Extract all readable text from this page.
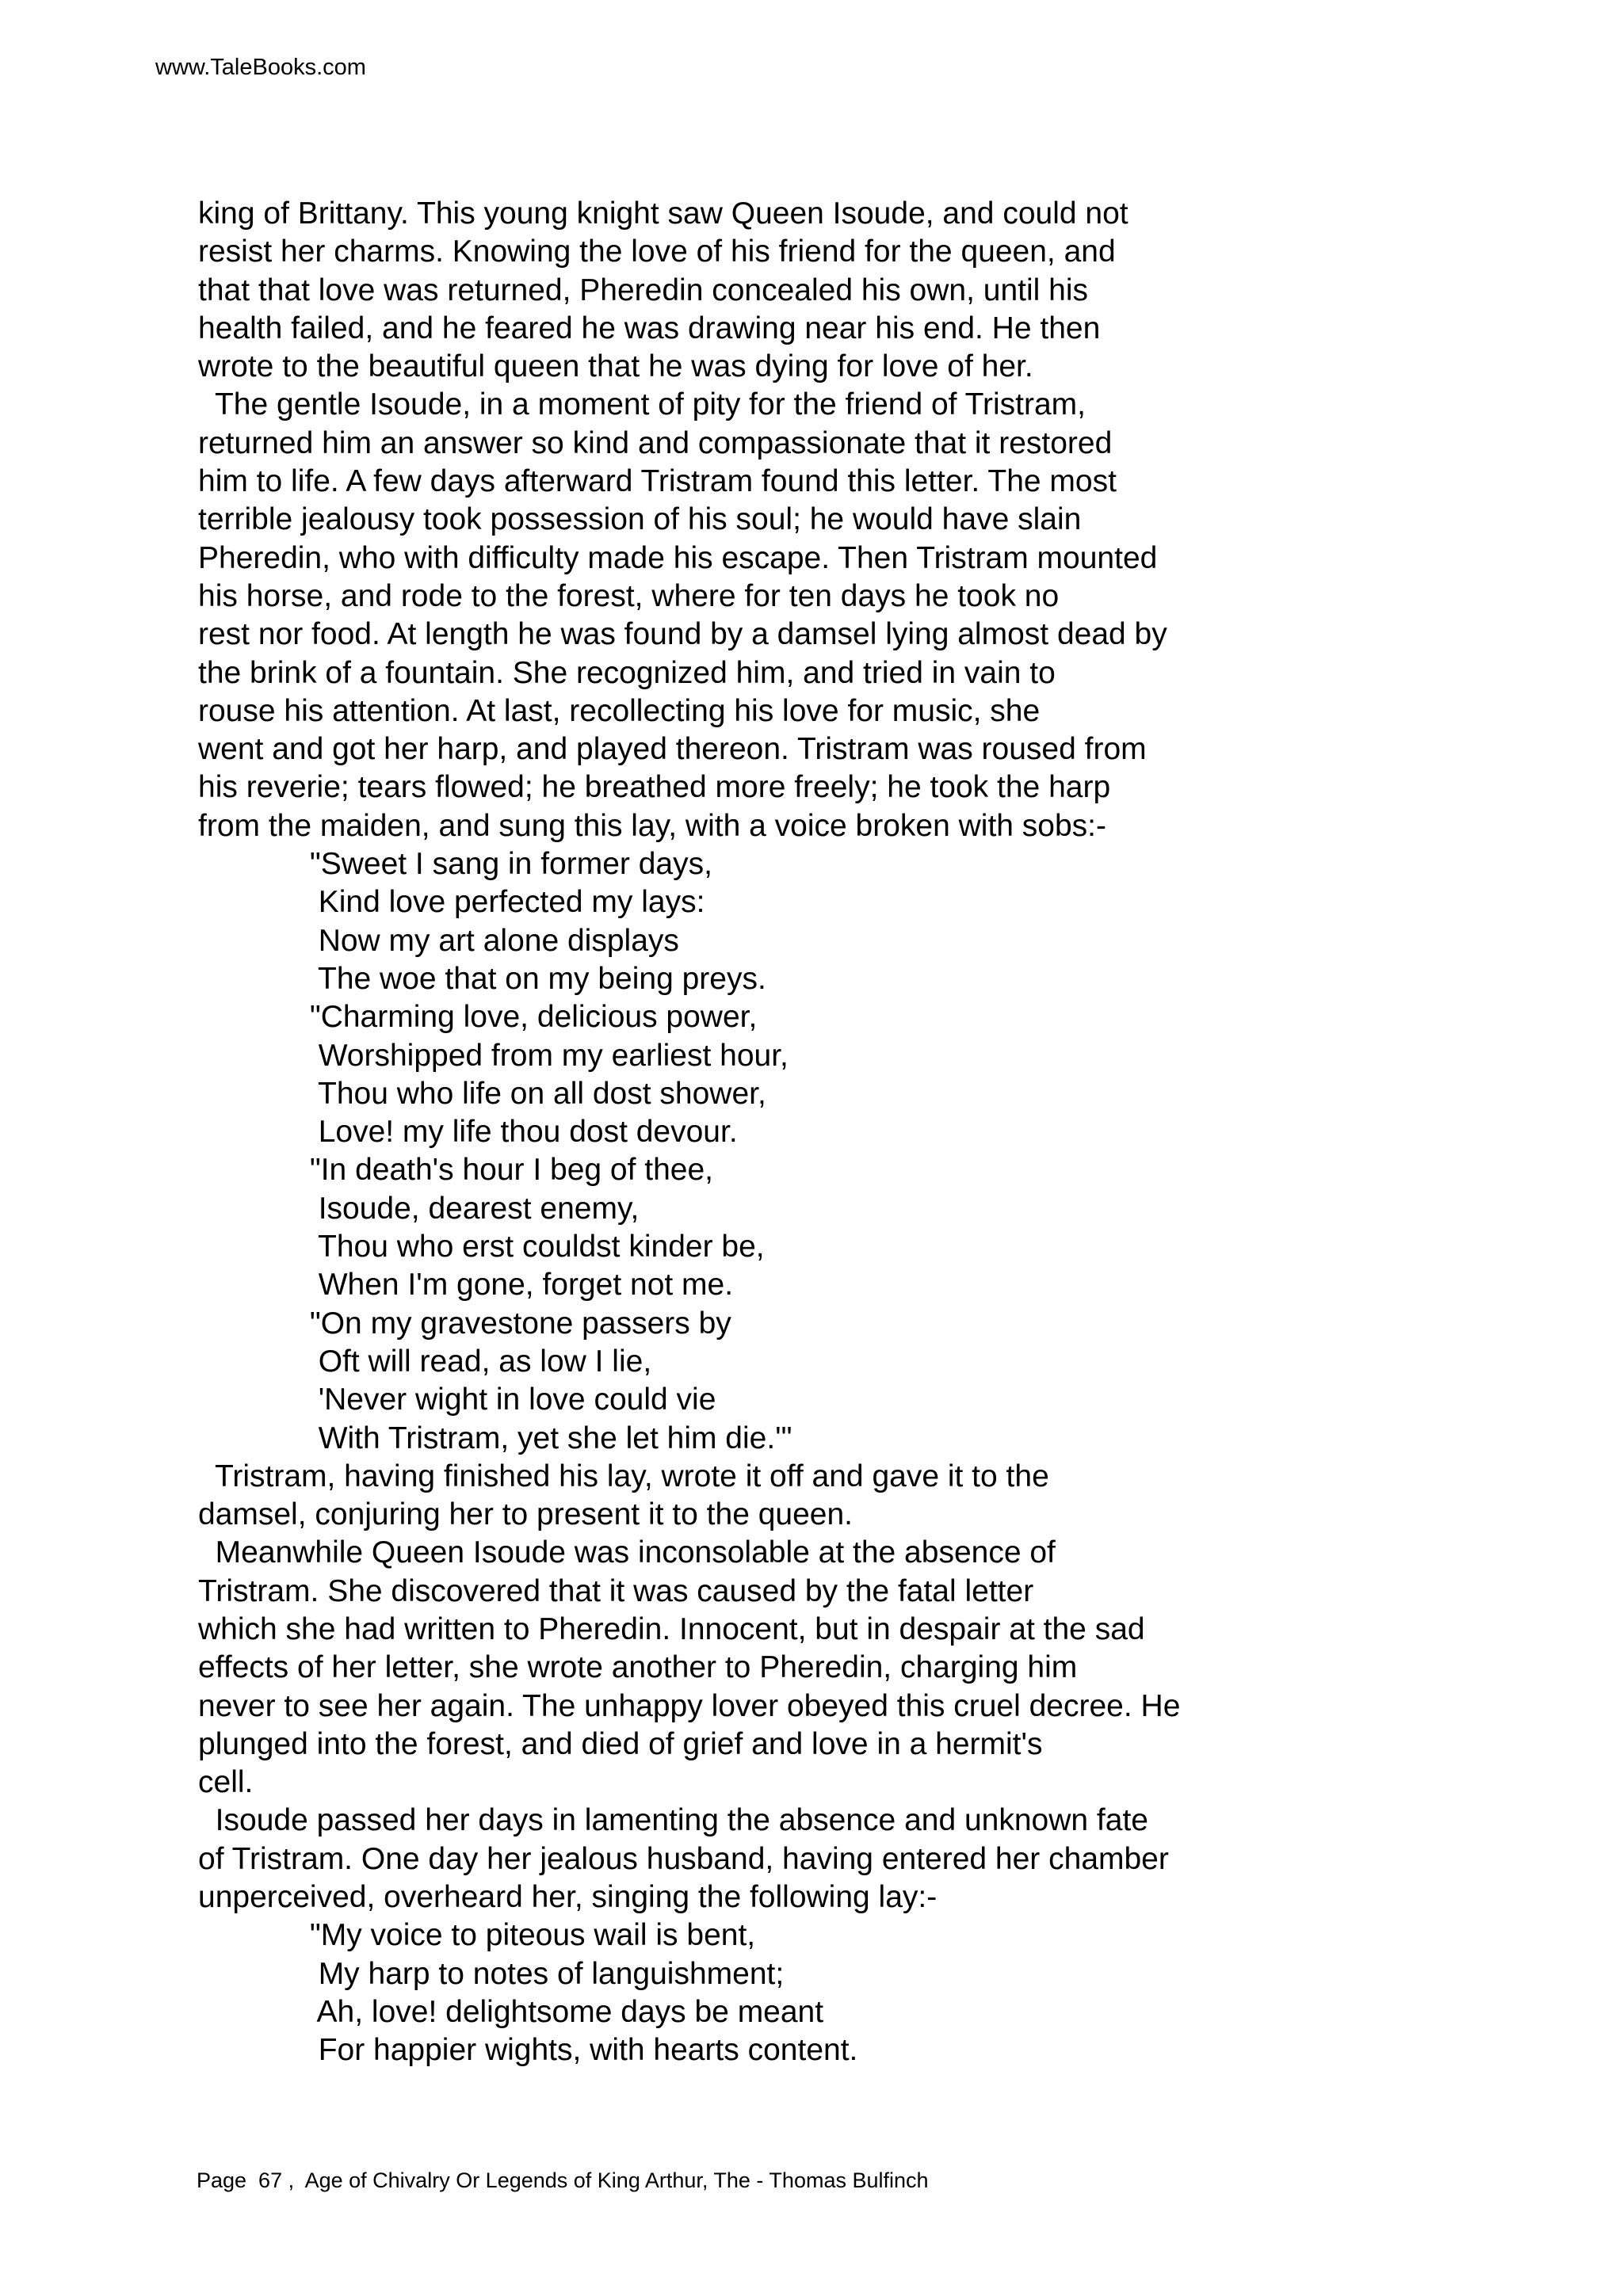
www.TaleBooks.com
king of Brittany. This young knight saw Queen Isoude, and could not
resist her charms. Knowing the love of his friend for the queen, and
that that love was returned, Pheredin concealed his own, until his
health failed, and he feared he was drawing near his end. He then
wrote to the beautiful queen that he was dying for love of her.
The gentle Isoude, in a moment of pity for the friend of Tristram,
returned him an answer so kind and compassionate that it restored
him to life. A few days afterward Tristram found this letter. The most
terrible jealousy took possession of his soul; he would have slain
Pheredin, who with difficulty made his escape. Then Tristram mounted
his horse, and rode to the forest, where for ten days he took no
rest nor food. At length he was found by a damsel lying almost dead by
the brink of a fountain. She recognized him, and tried in vain to
rouse his attention. At last, recollecting his love for music, she
went and got her harp, and played thereon. Tristram was roused from
his reverie; tears flowed; he breathed more freely; he took the harp
from the maiden, and sung this lay, with a voice broken with sobs:-
"Sweet I sang in former days,
Kind love perfected my lays:
Now my art alone displays
The woe that on my being preys.
"Charming love, delicious power,
Worshipped from my earliest hour,
Thou who life on all dost shower,
Love! my life thou dost devour.
"In death's hour I beg of thee,
Isoude, dearest enemy,
Thou who erst couldst kinder be,
When I'm gone, forget not me.
"On my gravestone passers by
Oft will read, as low I lie,
'Never wight in love could vie
With Tristram, yet she let him die.'"
Tristram, having finished his lay, wrote it off and gave it to the
damsel, conjuring her to present it to the queen.
Meanwhile Queen Isoude was inconsolable at the absence of
Tristram. She discovered that it was caused by the fatal letter
which she had written to Pheredin. Innocent, but in despair at the sad
effects of her letter, she wrote another to Pheredin, charging him
never to see her again. The unhappy lover obeyed this cruel decree. He
plunged into the forest, and died of grief and love in a hermit's
cell.
Isoude passed her days in lamenting the absence and unknown fate
of Tristram. One day her jealous husband, having entered her chamber
unperceived, overheard her, singing the following lay:-
"My voice to piteous wail is bent,
My harp to notes of languishment;
Ah, love! delightsome days be meant
For happier wights, with hearts content.
Page  67 ,  Age of Chivalry Or Legends of King Arthur, The - Thomas Bulfinch
